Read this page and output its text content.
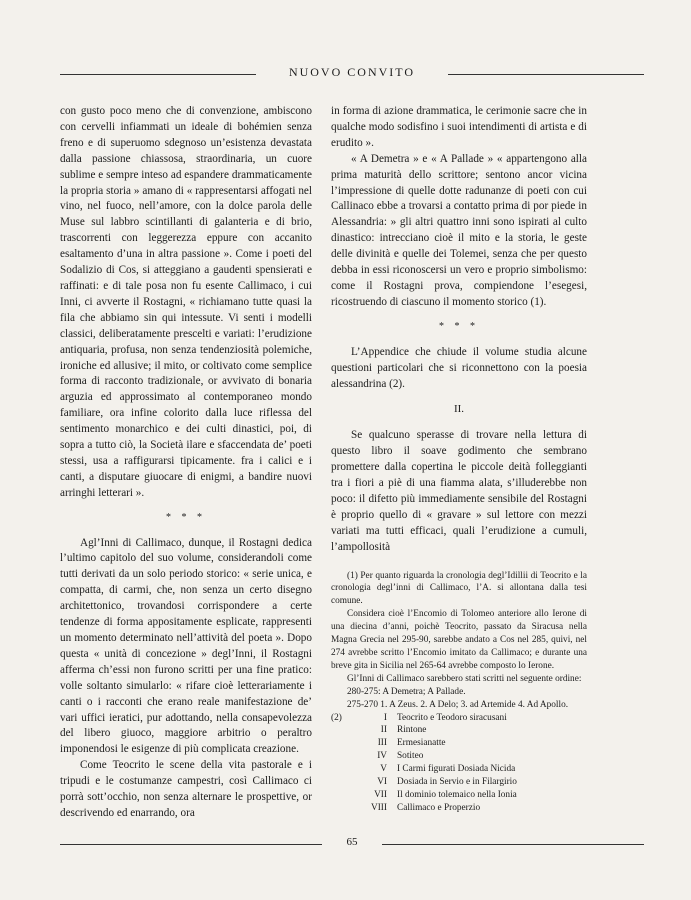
NUOVO CONVITO

con gusto poco meno che di convenzione, ambiscono con cervelli infiammati un ideale di bohémien senza freno e di superuomo sdegnoso un’esistenza devastata dalla passione chiassosa, straordinaria, un cuore sublime e sempre inteso ad espandere drammaticamente la propria storia » amano di « rappresentarsi affogati nel vino, nel fuoco, nell’amore, con la dolce parola delle Muse sul labbro scintillanti di galanteria e di brio, trascorrenti con leggerezza eppure con accanito esaltamento d’una in altra passione ». Come i poeti del Sodalizio di Cos, si atteggiano a gaudenti spensierati e raffinati: e di tale posa non fu esente Callimaco, i cui Inni, ci avverte il Rostagni, « richiamano tutte quasi la fila che abbiamo sin qui intessute. Vi senti i modelli classici, deliberatamente prescelti e variati: l’erudizione antiquaria, profusa, non senza tendenziosità polemiche, ironiche ed allusive; il mito, or coltivato come semplice forma di racconto tradizionale, or avvivato di bonaria arguzia ed approssimato al contemporaneo mondo familiare, ora infine colorito dalla luce riflessa del sentimento monarchico e dei culti dinastici, poi, di sopra a tutto ciò, la Società ilare e sfaccendata de’ poeti stessi, usa a raffigurarsi tipicamente. fra i calici e i canti, a disputare giuocare di enigmi, a bandire nuovi arringhi letterari ».

* * *

Agl’Inni di Callimaco, dunque, il Rostagni dedica l’ultimo capitolo del suo volume, considerandoli come tutti derivati da un solo periodo storico: « serie unica, e compatta, di carmi, che, non senza un certo disegno architettonico, trovandosi corrispondere a certe tendenze di forma appositamente esplicate, rappresenti un momento determinato nell’attività del poeta ». Dopo questa « unità di concezione » degl’Inni, il Rostagni afferma ch’essi non furono scritti per una fine pratico: volle soltanto simularlo: « rifare cioè letterariamente i canti o i racconti che erano reale manifestazione de’ vari uffici ieratici, pur adottando, nella consapevolezza del libero giuoco, maggiore arbitrio o peraltro imponendosi le esigenze di più complicata creazione.

Come Teocrito le scene della vita pastorale e i tripudi e le costumanze campestri, così Callimaco ci porrà sott’occhio, non senza alternare le prospettive, or descrivendo ed enarrando, ora

in forma di azione drammatica, le cerimonie sacre che in qualche modo sodisfino i suoi intendimenti di artista e di erudito ».

« A Demetra » e « A Pallade » « appartengono alla prima maturità dello scrittore; sentono ancor vicina l’impressione di quelle dotte radunanze di poeti con cui Callinaco ebbe a trovarsi a contatto prima di por piede in Alessandria: » gli altri quattro inni sono ispirati al culto dinastico: intrecciano cioè il mito e la storia, le geste delle divinità e quelle dei Tolemei, senza che per questo debba in essi riconoscersi un vero e proprio simbolismo: come il Rostagni prova, compiendone l’esegesi, ricostruendo di ciascuno il momento storico (1).

* * *

L’Appendice che chiude il volume studia alcune questioni particolari che si riconnettono con la poesia alessandrina (2).

II.

Se qualcuno sperasse di trovare nella lettura di questo libro il soave godimento che sembrano promettere dalla copertina le piccole deità folleggianti tra i fiori a piè di una fiamma alata, s’illuderebbe non poco: il difetto più immediamente sensibile del Rostagni è proprio quello di « gravare » sul lettore con mezzi variati ma tutti efficaci, quali l’erudizione a cumuli, l’ampollosità

(1) Per quanto riguarda la cronologia degl’Idillii di Teocrito e la cronologia degl’inni di Callimaco, l’A. si allontana dalla tesi comune.

Considera cioè l’Encomio di Tolomeo anteriore allo Ierone di una diecina d’anni, poichè Teocrito, passato da Siracusa nella Magna Grecia nel 295-90, sarebbe andato a Cos nel 285, quivi, nel 274 avrebbe scritto l’Encomio imitato da Callimaco; e durante una breve gita in Sicilia nel 265-64 avrebbe composto lo Ierone.

Gl’Inni di Callimaco sarebbero stati scritti nel seguente ordine:

280-275: A Demetra; A Pallade.

275-270 1. A Zeus. 2. A Delo; 3. ad Artemide 4. Ad Apollo.

(2)	I	Teocrito e Teodoro siracusani
II	Rintone
III	Ermesianatte
IV	Sotiteo
V	I Carmi figurati Dosiada Nicida
VI	Dosiada in Servio e in Filargirio
VII	Il dominio tolemaico nella Ionia
VIII	Callimaco e Properzio
65
